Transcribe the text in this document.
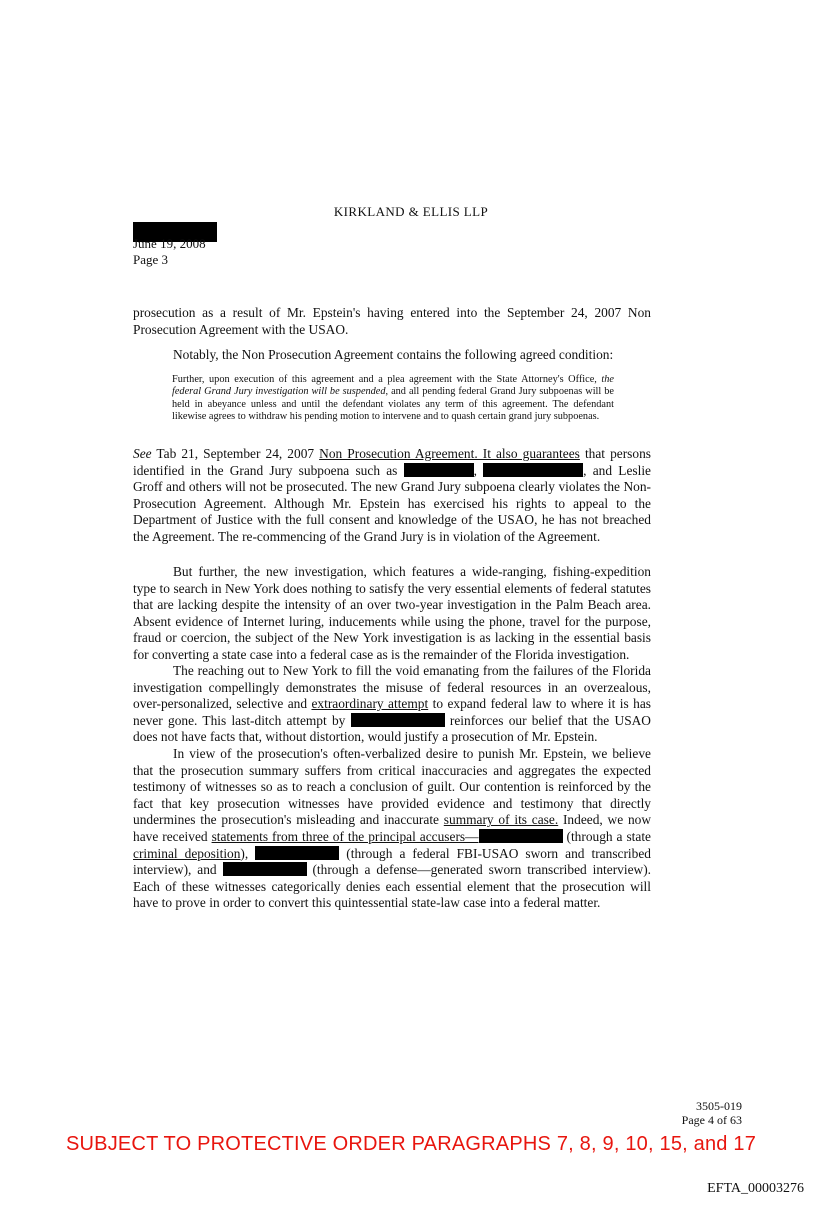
KIRKLAND & ELLIS LLP
June 19, 2008
Page 3
prosecution as a result of Mr. Epstein's having entered into the September 24, 2007 Non Prosecution Agreement with the USAO.
Notably, the Non Prosecution Agreement contains the following agreed condition:
Further, upon execution of this agreement and a plea agreement with the State Attorney's Office, the federal Grand Jury investigation will be suspended, and all pending federal Grand Jury subpoenas will be held in abeyance unless and until the defendant violates any term of this agreement. The defendant likewise agrees to withdraw his pending motion to intervene and to quash certain grand jury subpoenas.
See Tab 21, September 24, 2007 Non Prosecution Agreement. It also guarantees that persons identified in the Grand Jury subpoena such as	,	, and Leslie Groff and others will not be prosecuted. The new Grand Jury subpoena clearly violates the Non-Prosecution Agreement. Although Mr. Epstein has exercised his rights to appeal to the Department of Justice with the full consent and knowledge of the USAO, he has not breached the Agreement. The re-commencing of the Grand Jury is in violation of the Agreement.
But further, the new investigation, which features a wide-ranging, fishing-expedition type to search in New York does nothing to satisfy the very essential elements of federal statutes that are lacking despite the intensity of an over two-year investigation in the Palm Beach area. Absent evidence of Internet luring, inducements while using the phone, travel for the purpose, fraud or coercion, the subject of the New York investigation is as lacking in the essential basis for converting a state case into a federal case as is the remainder of the Florida investigation.
The reaching out to New York to fill the void emanating from the failures of the Florida investigation compellingly demonstrates the misuse of federal resources in an overzealous, over-personalized, selective and extraordinary attempt to expand federal law to where it is has never gone. This last-ditch attempt by	reinforces our belief that the USAO does not have facts that, without distortion, would justify a prosecution of Mr. Epstein.
In view of the prosecution's often-verbalized desire to punish Mr. Epstein, we believe that the prosecution summary suffers from critical inaccuracies and aggregates the expected testimony of witnesses so as to reach a conclusion of guilt. Our contention is reinforced by the fact that key prosecution witnesses have provided evidence and testimony that directly undermines the prosecution's misleading and inaccurate summary of its case. Indeed, we now have received statements from three of the principal accusers—	(through a state criminal deposition),	(through a federal FBI-USAO sworn and transcribed interview), and	(through a defense—generated sworn transcribed interview). Each of these witnesses categorically denies each essential element that the prosecution will have to prove in order to convert this quintessential state-law case into a federal matter.
3505-019
Page 4 of 63
SUBJECT TO PROTECTIVE ORDER PARAGRAPHS 7, 8, 9, 10, 15, and 17
EFTA_00003276
